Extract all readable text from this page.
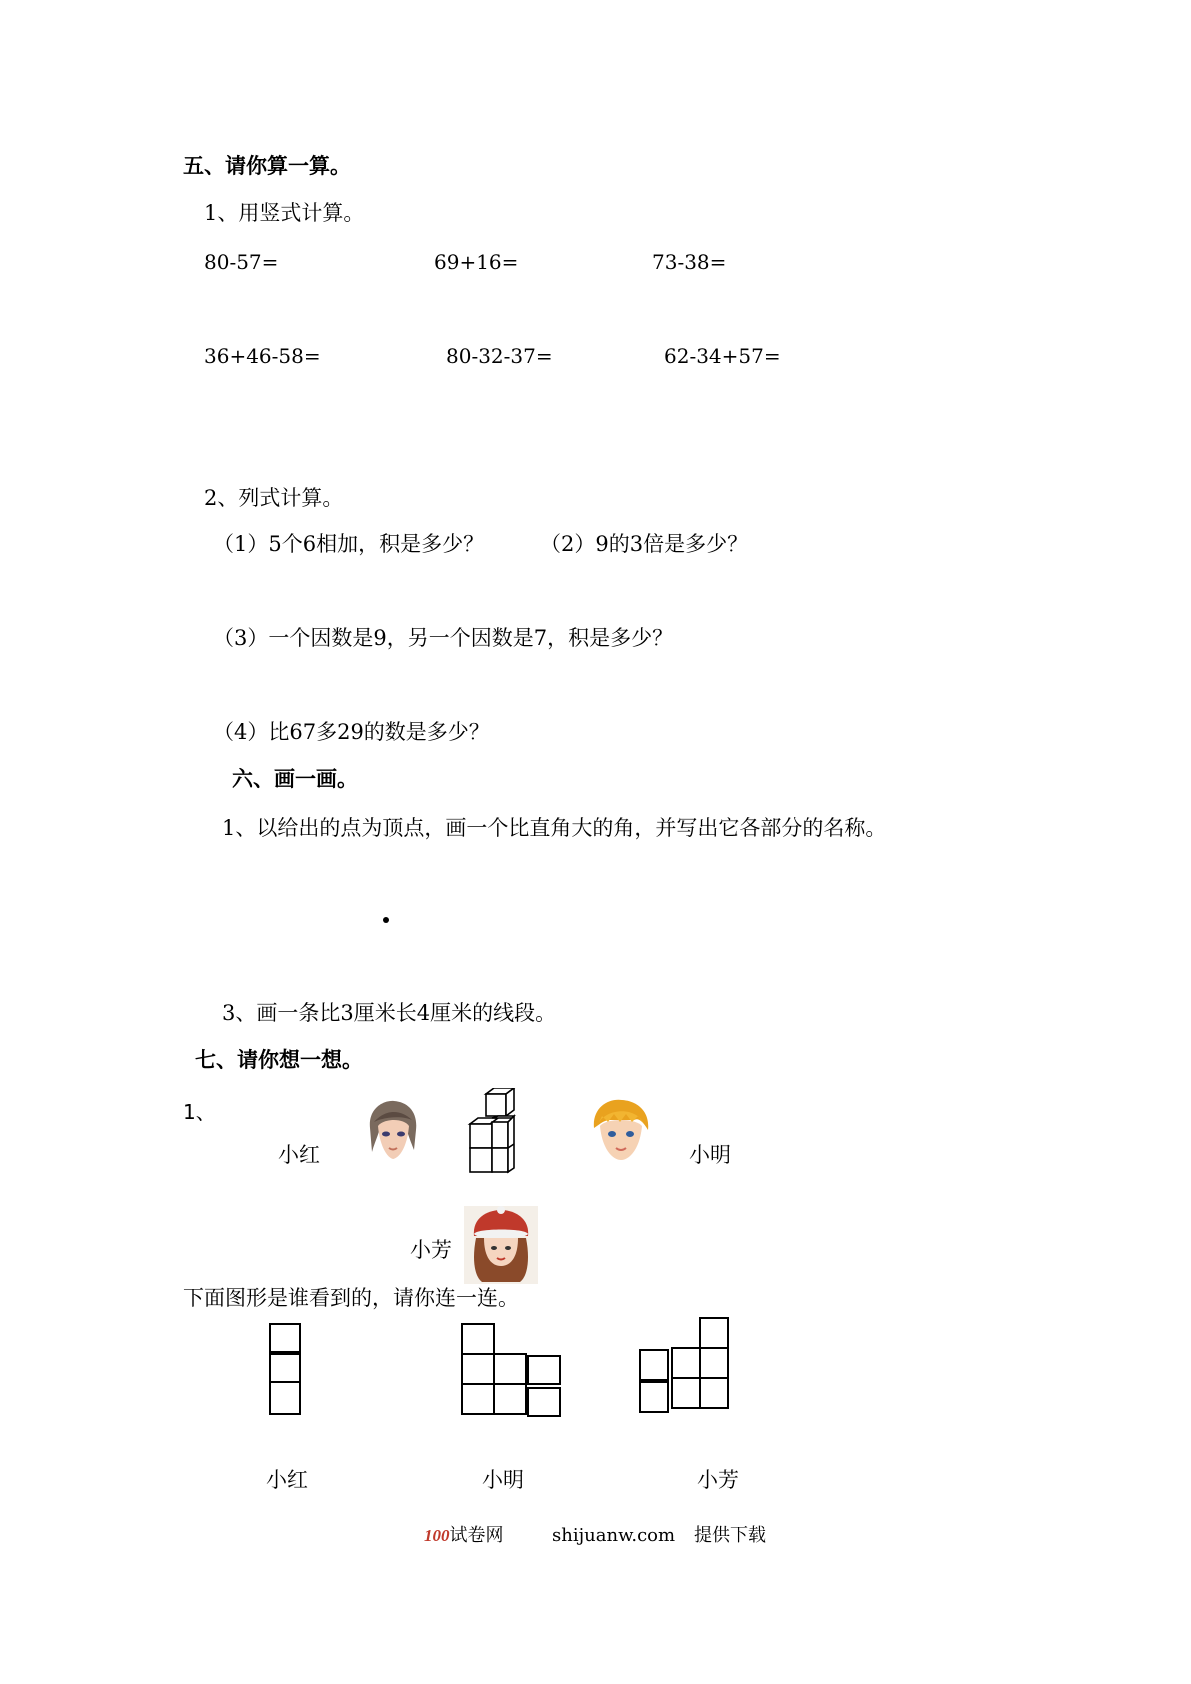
五、请你算一算。
1、用竖式计算。
80-57=	69+16=	73-38=
36+46-58=	80-32-37=	62-34+57=
2、列式计算。
（1）5个6相加，积是多少？	（2）9的3倍是多少？
（3）一个因数是9，另一个因数是7，积是多少？
（4）比67多29的数是多少？
六、画一画。
1、以给出的点为顶点，画一个比直角大的角，并写出它各部分的名称。
3、画一条比3厘米长4厘米的线段。
七、请你想一想。
1、
小红	小明
小芳
下面图形是谁看到的，请你连一连。
小红	小明	小芳
100试卷网	shijuanw.com 提供下载
